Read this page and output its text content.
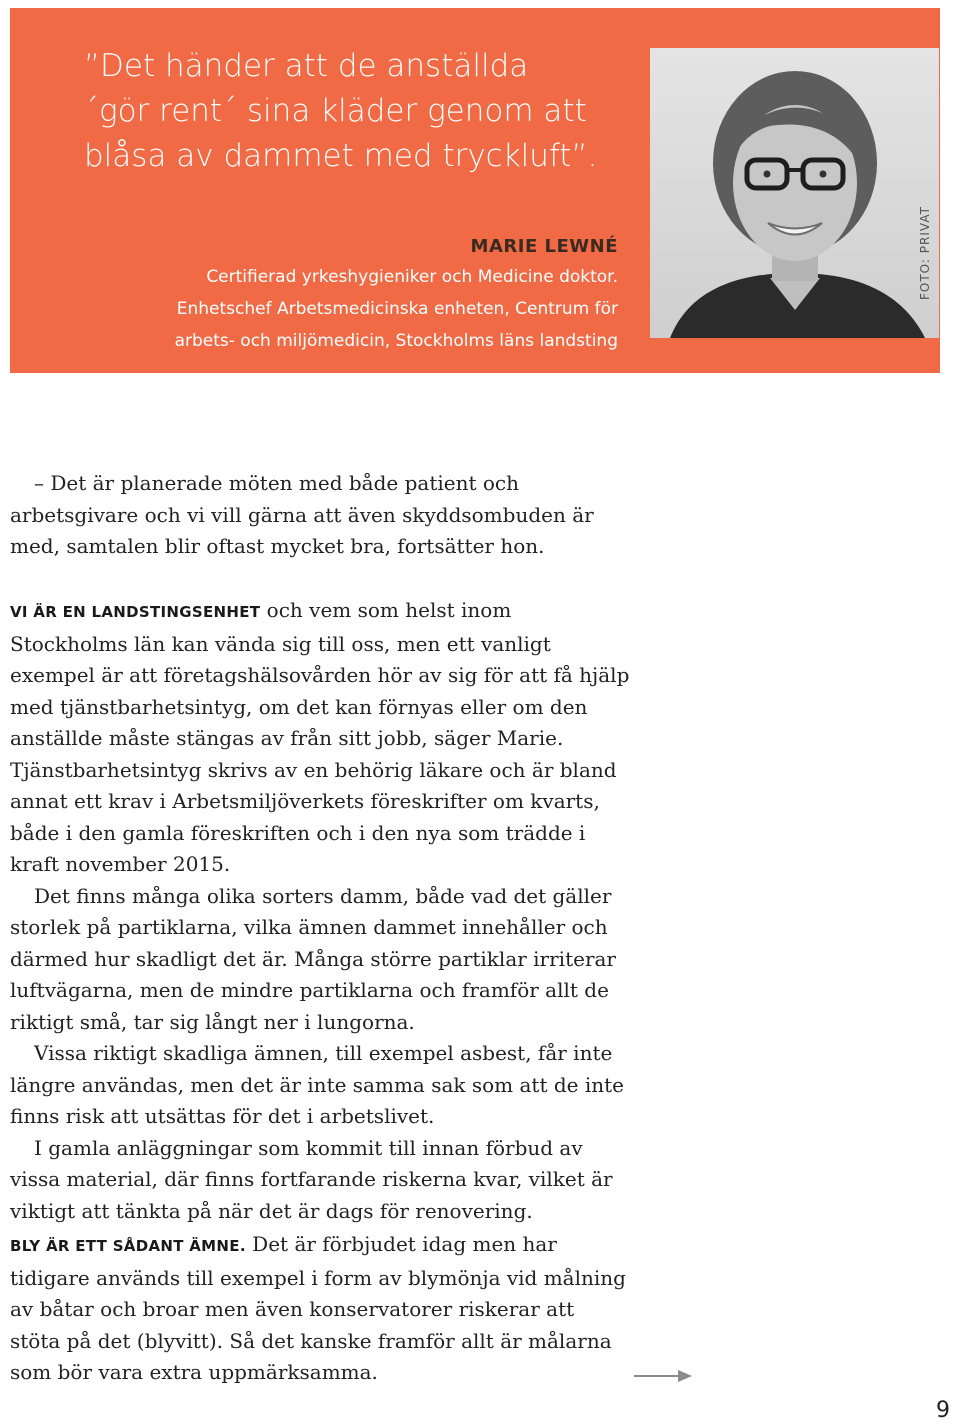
”Det händer att de anställda
´gör rent´ sina kläder genom att
blåsa av dammet med tryckluft”.
MARIE LEWNÉ
Certifierad yrkeshygieniker och Medicine doktor.
Enhetschef Arbetsmedicinska enheten, Centrum för
arbets- och miljömedicin, Stockholms läns landsting
FOTO: PRIVAT

– Det är planerade möten med både patient och arbetsgivare och vi vill gärna att även skyddsombuden är med, samtalen blir oftast mycket bra, fortsätter hon.

VI ÄR EN LANDSTINGSENHET och vem som helst inom Stockholms län kan vända sig till oss, men ett vanligt exempel är att företagshälsovården hör av sig för att få hjälp med tjänstbarhetsintyg, om det kan förnyas eller om den anställde måste stängas av från sitt jobb, säger Marie. Tjänstbarhetsintyg skrivs av en behörig läkare och är bland annat ett krav i Arbetsmiljöverkets föreskrifter om kvarts, både i den gamla föreskriften och i den nya som trädde i kraft november 2015.

Det finns många olika sorters damm, både vad det gäller storlek på partiklarna, vilka ämnen dammet innehåller och därmed hur skadligt det är. Många större partiklar irriterar luftvägarna, men de mindre partiklarna och framför allt de riktigt små, tar sig långt ner i lungorna.

Vissa riktigt skadliga ämnen, till exempel asbest, får inte längre användas, men det är inte samma sak som att de inte finns risk att utsättas för det i arbetslivet.

I gamla anläggningar som kommit till innan förbud av vissa material, där finns fortfarande riskerna kvar, vilket är viktigt att tänkta på när det är dags för renovering.

BLY ÄR ETT SÅDANT ÄMNE. Det är förbjudet idag men har tidigare används till exempel i form av blymönja vid målning av båtar och broar men även konservatorer riskerar att stöta på det (blyvitt). Så det kanske framför allt är målarna som bör vara extra uppmärksamma.

9
